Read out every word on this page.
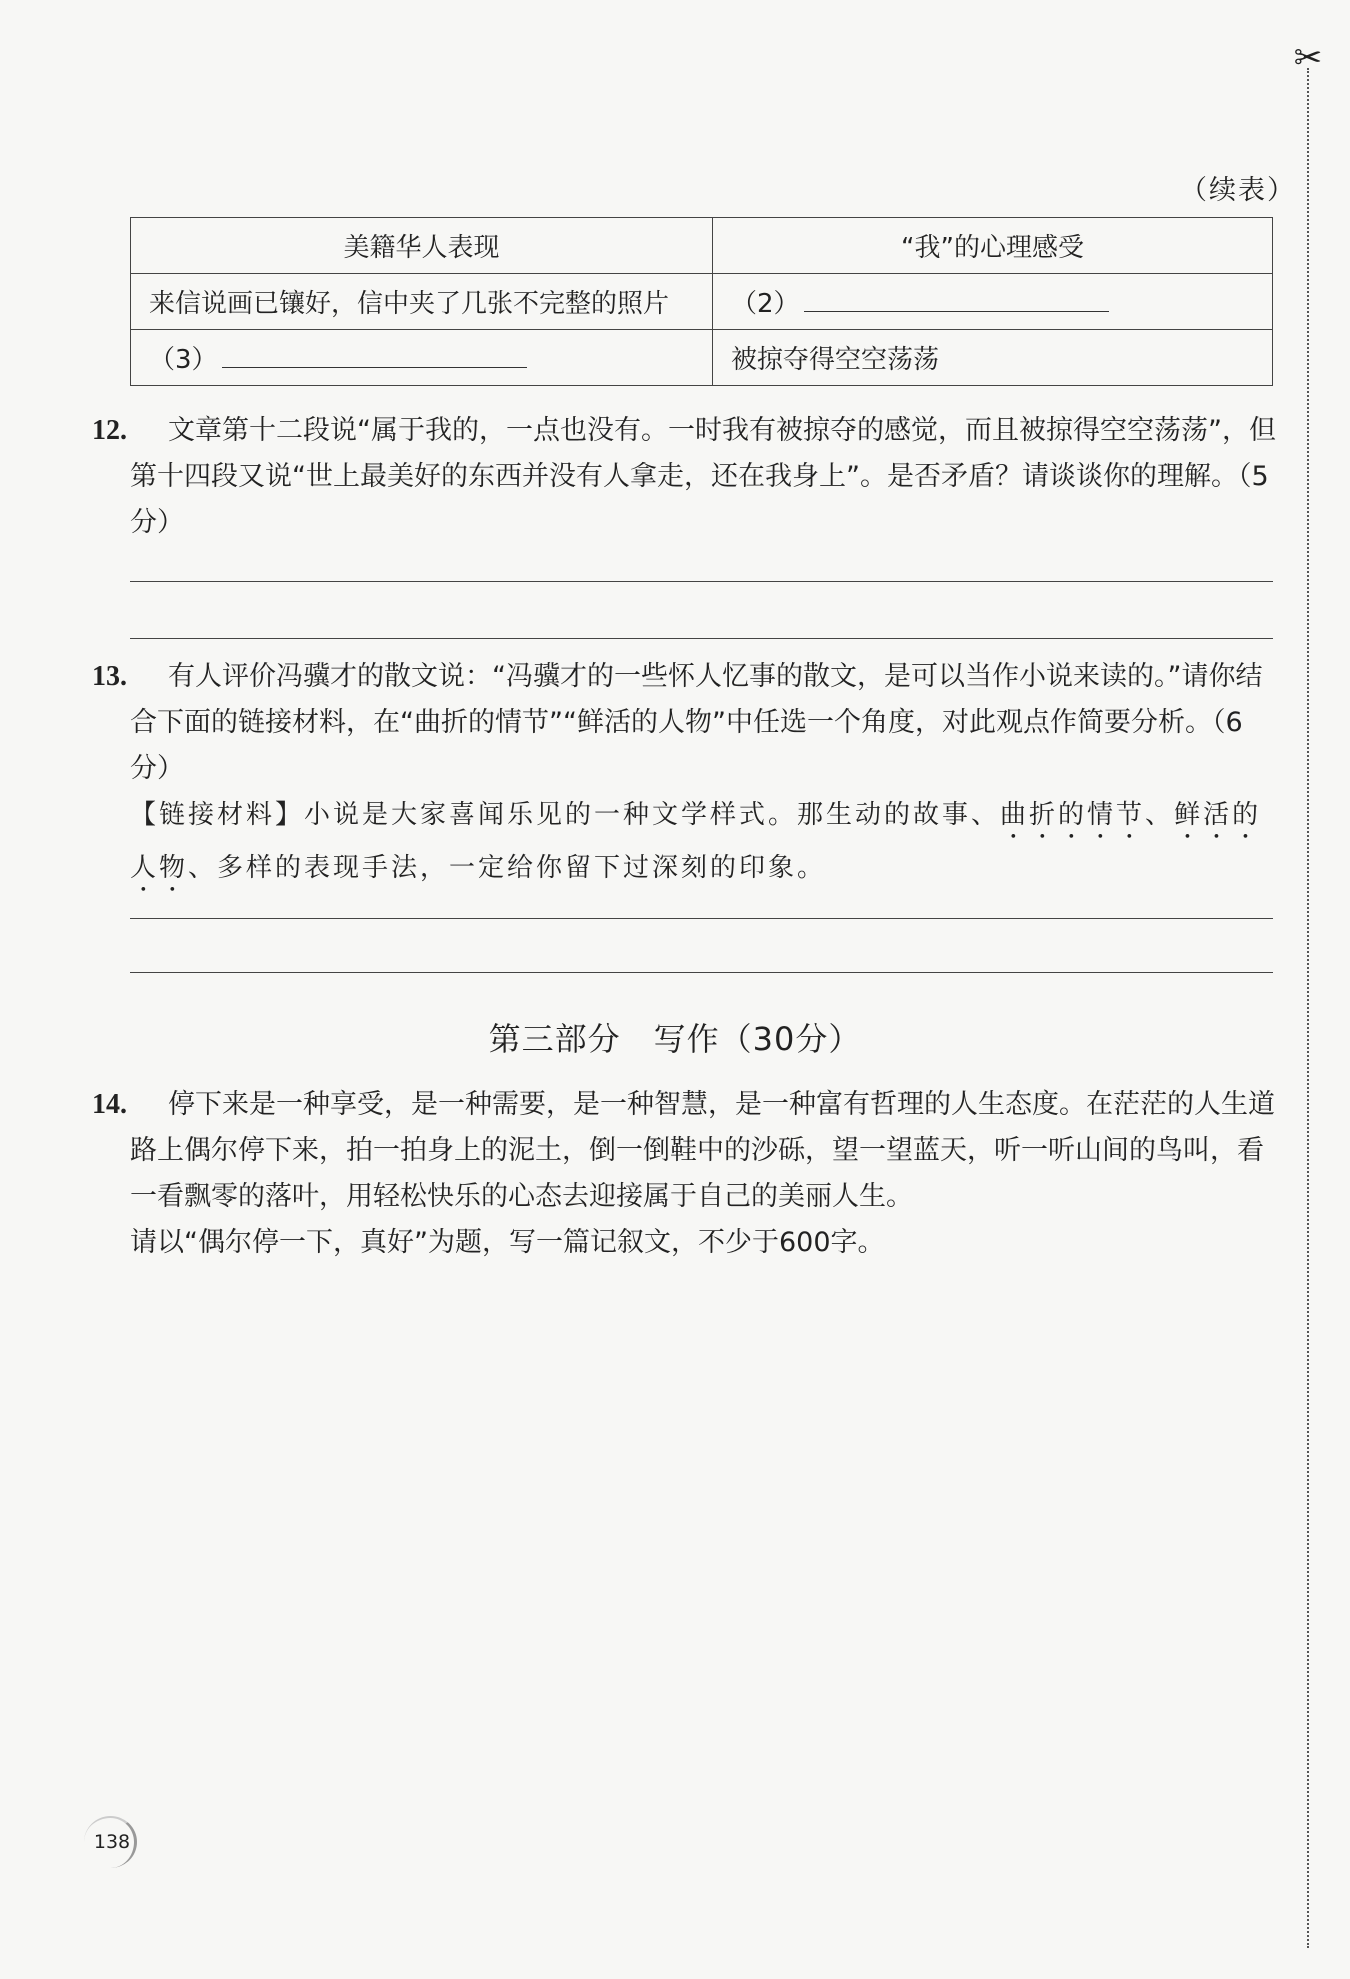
✂
（续表）
美籍华人表现	“我”的心理感受
来信说画已镶好，信中夹了几张不完整的照片	（2）
（3）	被掠夺得空空荡荡
12.	文章第十二段说“属于我的，一点也没有。一时我有被掠夺的感觉，而且被掠得空空荡荡”，但第十四段又说“世上最美好的东西并没有人拿走，还在我身上”。是否矛盾？请谈谈你的理解。（5分）
13.	有人评价冯骥才的散文说：“冯骥才的一些怀人忆事的散文，是可以当作小说来读的。”请你结合下面的链接材料，在“曲折的情节”“鲜活的人物”中任选一个角度，对此观点作简要分析。（6分）
【链接材料】小说是大家喜闻乐见的一种文学样式。那生动的故事、曲折的情节、鲜活的人物、多样的表现手法，一定给你留下过深刻的印象。
第三部分　写作（30分）
14.	停下来是一种享受，是一种需要，是一种智慧，是一种富有哲理的人生态度。在茫茫的人生道路上偶尔停下来，拍一拍身上的泥土，倒一倒鞋中的沙砾，望一望蓝天，听一听山间的鸟叫，看一看飘零的落叶，用轻松快乐的心态去迎接属于自己的美丽人生。
请以“偶尔停一下，真好”为题，写一篇记叙文，不少于600字。
138
